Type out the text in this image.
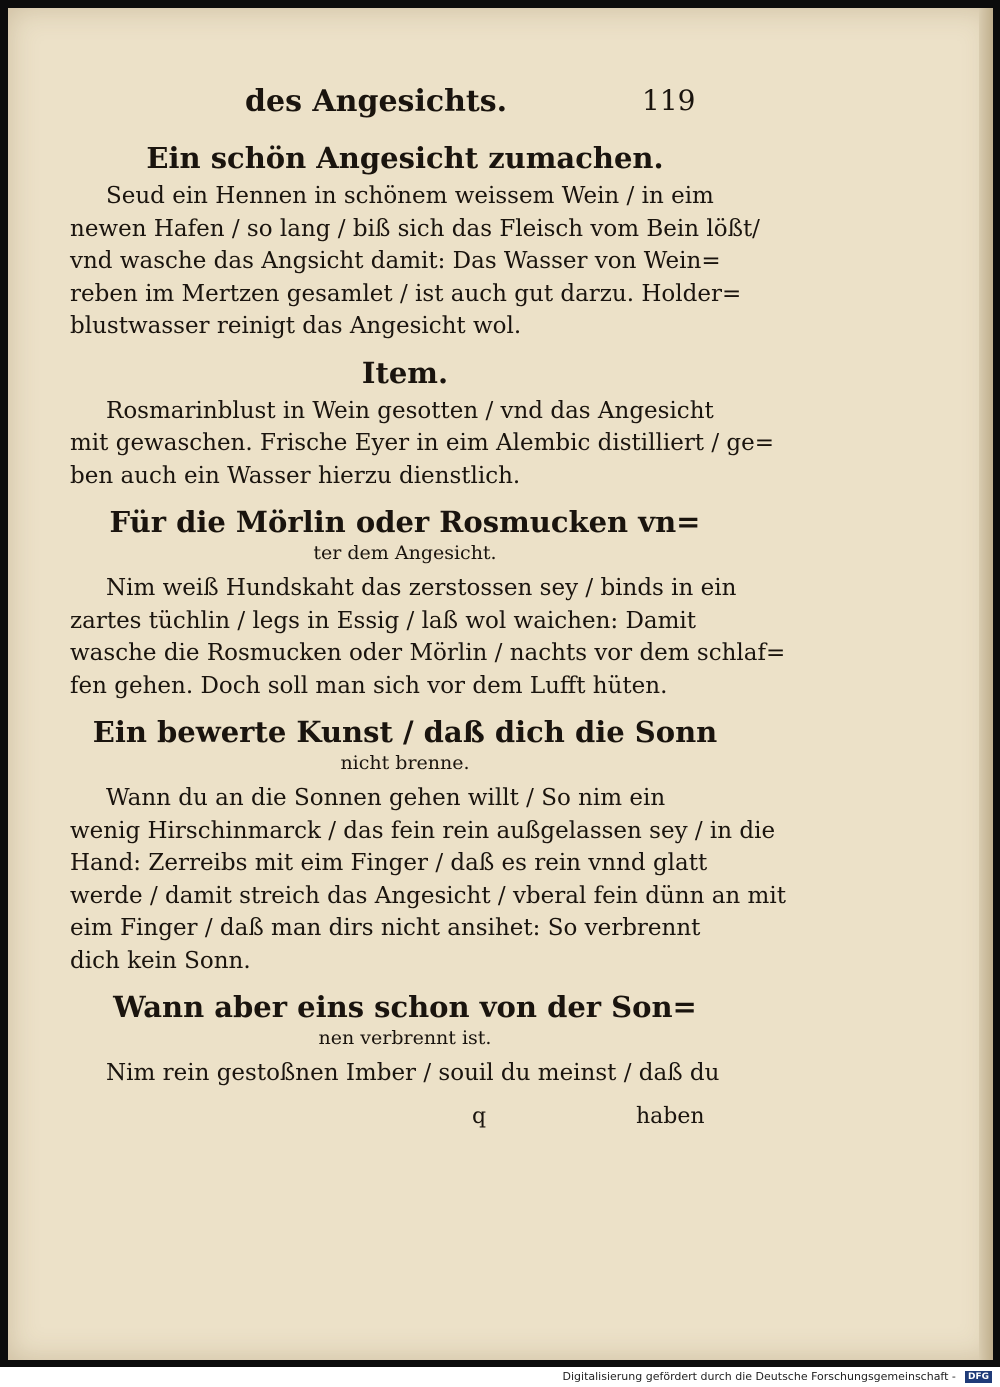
des Angesichts.	119
Ein schön Angesicht zumachen.
Seud ein Hennen in schönem weissem Wein / in eim
newen Hafen / so lang / biß sich das Fleisch vom Bein lößt/
vnd wasche das Angsicht damit: Das Wasser von Wein=
reben im Mertzen gesamlet / ist auch gut darzu. Holder=
blustwasser reinigt das Angesicht wol.
Item.
Rosmarinblust in Wein gesotten / vnd das Angesicht
mit gewaschen. Frische Eyer in eim Alembic distilliert / ge=
ben auch ein Wasser hierzu dienstlich.
Für die Mörlin oder Rosmucken vn=
ter dem Angesicht.
Nim weiß Hundskaht das zerstossen sey / binds in ein
zartes tüchlin / legs in Essig / laß wol waichen: Damit
wasche die Rosmucken oder Mörlin / nachts vor dem schlaf=
fen gehen. Doch soll man sich vor dem Lufft hüten.
Ein bewerte Kunst / daß dich die Sonn
nicht brenne.
Wann du an die Sonnen gehen willt / So nim ein
wenig Hirschinmarck / das fein rein außgelassen sey / in die
Hand: Zerreibs mit eim Finger / daß es rein vnnd glatt
werde / damit streich das Angesicht / vberal fein dünn an mit
eim Finger / daß man dirs nicht ansihet: So verbrennt
dich kein Sonn.
Wann aber eins schon von der Son=
nen verbrennt ist.
Nim rein gestoßnen Imber / souil du meinst / daß du
q	haben
Digitalisierung gefördert durch die Deutsche Forschungsgemeinschaft - DFG
